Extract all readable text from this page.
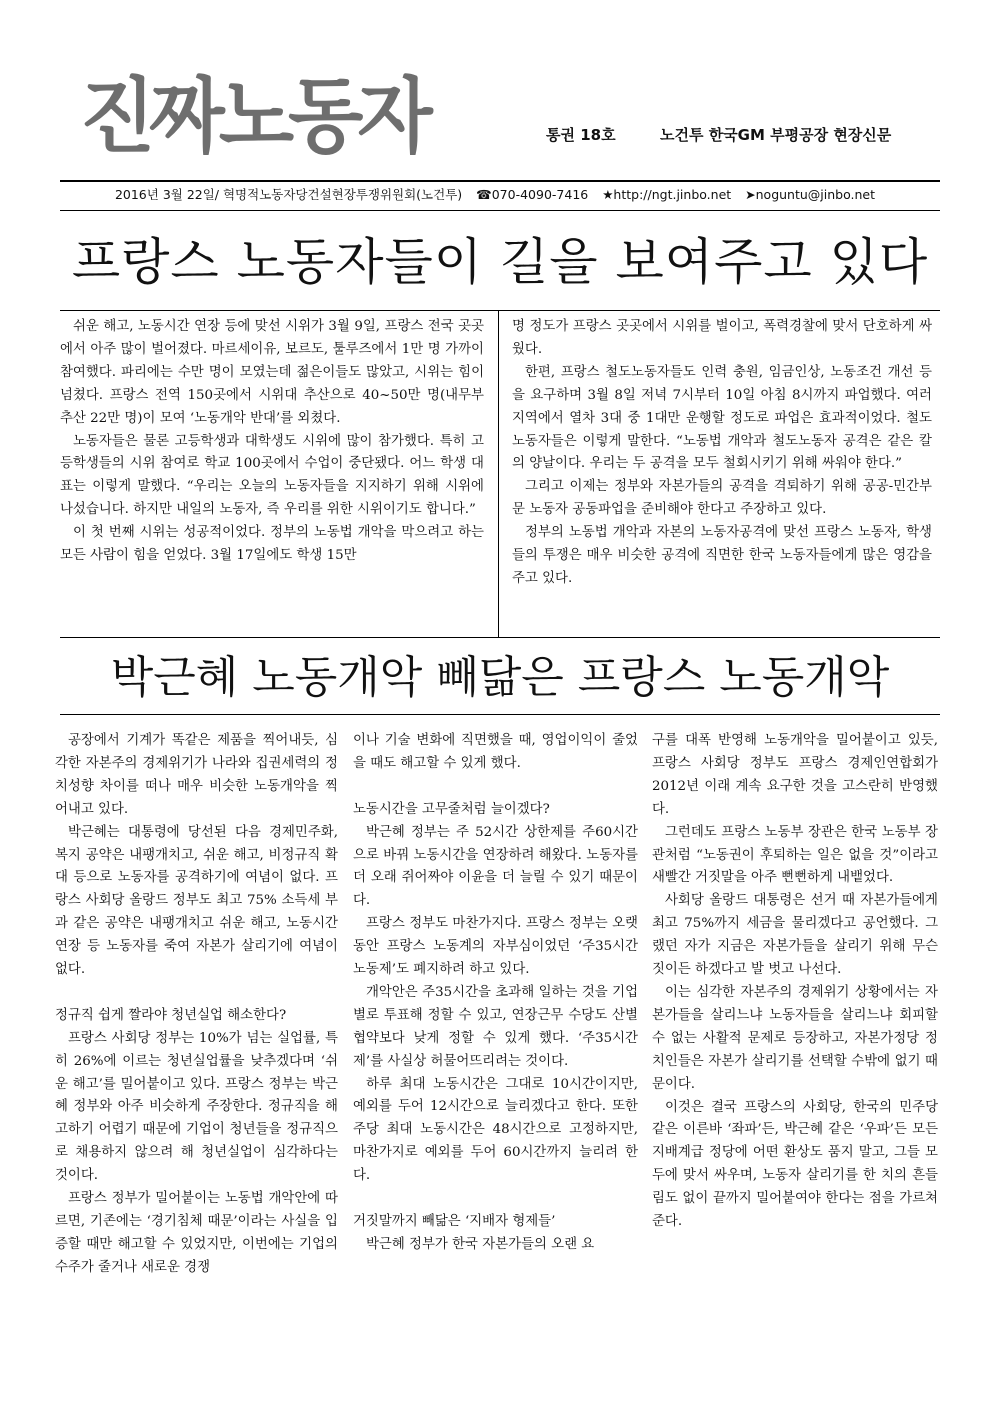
진짜노동자	통권 18호	노건투 한국GM 부평공장 현장신문
2016년 3월 22일/ 혁명적노동자당건설현장투쟁위원회(노건투) ☎070-4090-7416 ★http://ngt.jinbo.net ➤noguntu@jinbo.net
프랑스 노동자들이 길을 보여주고 있다

쉬운 해고, 노동시간 연장 등에 맞선 시위가 3월 9일, 프랑스 전국 곳곳에서 아주 많이 벌어졌다. 마르세이유, 보르도, 툴루즈에서 1만 명 가까이 참여했다. 파리에는 수만 명이 모였는데 젊은이들도 많았고, 시위는 힘이 넘쳤다. 프랑스 전역 150곳에서 시위대 추산으로 40~50만 명(내무부 추산 22만 명)이 모여 ‘노동개악 반대’를 외쳤다.

노동자들은 물론 고등학생과 대학생도 시위에 많이 참가했다. 특히 고등학생들의 시위 참여로 학교 100곳에서 수업이 중단됐다. 어느 학생 대표는 이렇게 말했다. “우리는 오늘의 노동자들을 지지하기 위해 시위에 나섰습니다. 하지만 내일의 노동자, 즉 우리를 위한 시위이기도 합니다.”

이 첫 번째 시위는 성공적이었다. 정부의 노동법 개악을 막으려고 하는 모든 사람이 힘을 얻었다. 3월 17일에도 학생 15만

명 정도가 프랑스 곳곳에서 시위를 벌이고, 폭력경찰에 맞서 단호하게 싸웠다.

한편, 프랑스 철도노동자들도 인력 충원, 임금인상, 노동조건 개선 등을 요구하며 3월 8일 저녁 7시부터 10일 아침 8시까지 파업했다. 여러 지역에서 열차 3대 중 1대만 운행할 정도로 파업은 효과적이었다. 철도노동자들은 이렇게 말한다. “노동법 개악과 철도노동자 공격은 같은 칼의 양날이다. 우리는 두 공격을 모두 철회시키기 위해 싸워야 한다.”

그리고 이제는 정부와 자본가들의 공격을 격퇴하기 위해 공공-민간부문 노동자 공동파업을 준비해야 한다고 주장하고 있다.

정부의 노동법 개악과 자본의 노동자공격에 맞선 프랑스 노동자, 학생들의 투쟁은 매우 비슷한 공격에 직면한 한국 노동자들에게 많은 영감을 주고 있다.

박근혜 노동개악 빼닮은 프랑스 노동개악

공장에서 기계가 똑같은 제품을 찍어내듯, 심각한 자본주의 경제위기가 나라와 집권세력의 정치성향 차이를 떠나 매우 비슷한 노동개악을 찍어내고 있다.

박근혜는 대통령에 당선된 다음 경제민주화, 복지 공약은 내팽개치고, 쉬운 해고, 비정규직 확대 등으로 노동자를 공격하기에 여념이 없다. 프랑스 사회당 올랑드 정부도 최고 75% 소득세 부과 같은 공약은 내팽개치고 쉬운 해고, 노동시간 연장 등 노동자를 죽여 자본가 살리기에 여념이 없다.

정규직 쉽게 짤라야 청년실업 해소한다?

프랑스 사회당 정부는 10%가 넘는 실업률, 특히 26%에 이르는 청년실업률을 낮추겠다며 ‘쉬운 해고’를 밀어붙이고 있다. 프랑스 정부는 박근혜 정부와 아주 비슷하게 주장한다. 정규직을 해고하기 어렵기 때문에 기업이 청년들을 정규직으로 채용하지 않으려 해 청년실업이 심각하다는 것이다.

프랑스 정부가 밀어붙이는 노동법 개악안에 따르면, 기존에는 ‘경기침체 때문’이라는 사실을 입증할 때만 해고할 수 있었지만, 이번에는 기업의 수주가 줄거나 새로운 경쟁

이나 기술 변화에 직면했을 때, 영업이익이 줄었을 때도 해고할 수 있게 했다.

노동시간을 고무줄처럼 늘이겠다?

박근혜 정부는 주 52시간 상한제를 주60시간으로 바꿔 노동시간을 연장하려 해왔다. 노동자를 더 오래 쥐어짜야 이윤을 더 늘릴 수 있기 때문이다.

프랑스 정부도 마찬가지다. 프랑스 정부는 오랫동안 프랑스 노동계의 자부심이었던 ‘주35시간 노동제’도 폐지하려 하고 있다.

개악안은 주35시간을 초과해 일하는 것을 기업별로 투표해 정할 수 있고, 연장근무 수당도 산별협약보다 낮게 정할 수 있게 했다. ‘주35시간제’를 사실상 허물어뜨리려는 것이다.

하루 최대 노동시간은 그대로 10시간이지만, 예외를 두어 12시간으로 늘리겠다고 한다. 또한 주당 최대 노동시간은 48시간으로 고정하지만, 마찬가지로 예외를 두어 60시간까지 늘리려 한다.

거짓말까지 빼닮은 ‘지배자 형제들’

박근혜 정부가 한국 자본가들의 오랜 요

구를 대폭 반영해 노동개악을 밀어붙이고 있듯, 프랑스 사회당 정부도 프랑스 경제인연합회가 2012년 이래 계속 요구한 것을 고스란히 반영했다.

그런데도 프랑스 노동부 장관은 한국 노동부 장관처럼 “노동권이 후퇴하는 일은 없을 것”이라고 새빨간 거짓말을 아주 뻔뻔하게 내뱉었다.

사회당 올랑드 대통령은 선거 때 자본가들에게 최고 75%까지 세금을 물리겠다고 공언했다. 그랬던 자가 지금은 자본가들을 살리기 위해 무슨 짓이든 하겠다고 발 벗고 나선다.

이는 심각한 자본주의 경제위기 상황에서는 자본가들을 살리느냐 노동자들을 살리느냐 회피할 수 없는 사활적 문제로 등장하고, 자본가정당 정치인들은 자본가 살리기를 선택할 수밖에 없기 때문이다.

이것은 결국 프랑스의 사회당, 한국의 민주당 같은 이른바 ‘좌파’든, 박근혜 같은 ‘우파’든 모든 지배계급 정당에 어떤 환상도 품지 말고, 그들 모두에 맞서 싸우며, 노동자 살리기를 한 치의 흔들림도 없이 끝까지 밀어붙여야 한다는 점을 가르쳐준다.
